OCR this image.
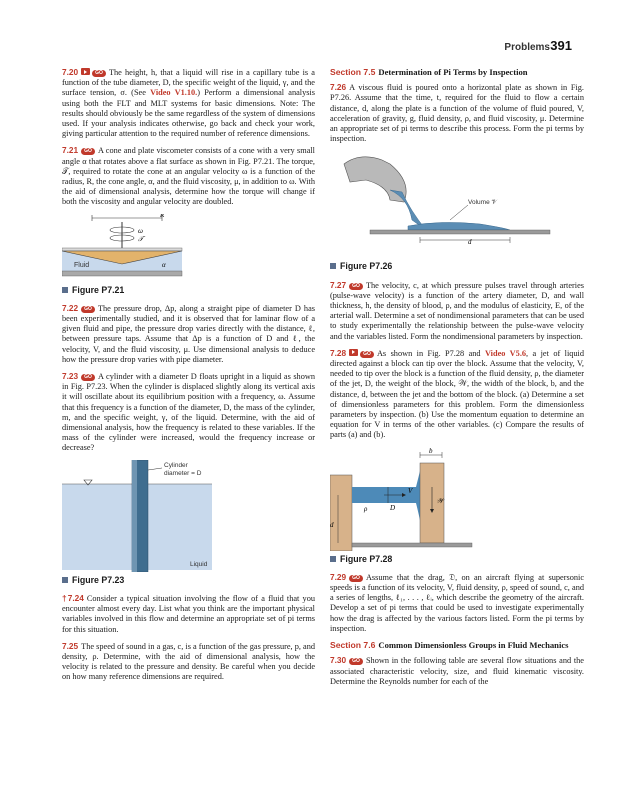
Problems 391
7.20	GO The height, h, that a liquid will rise in a capillary tube is a function of the tube diameter, D, the specific weight of the liquid, γ, and the surface tension, σ. (See Video V1.10.) Perform a dimensional analysis using both the FLT and MLT systems for basic dimensions. Note: The results should obviously be the same regardless of the system of dimensions used. If your analysis indicates otherwise, go back and check your work, giving particular attention to the required number of reference dimensions.
7.21 GO A cone and plate viscometer consists of a cone with a very small angle α that rotates above a flat surface as shown in Fig. P7.21. The torque, 𝒯, required to rotate the cone at an angular velocity ω is a function of the radius, R, the cone angle, α, and the fluid viscosity, μ, in addition to ω. With the aid of dimensional analysis, determine how the torque will change if both the viscosity and angular velocity are doubled.
R
ω
𝒯
Fluid	α
Figure P7.21
7.22 GO The pressure drop, Δp, along a straight pipe of diameter D has been experimentally studied, and it is observed that for laminar flow of a given fluid and pipe, the pressure drop varies directly with the distance, ℓ, between pressure taps. Assume that Δp is a function of D and ℓ, the velocity, V, and the fluid viscosity, μ. Use dimensional analysis to deduce how the pressure drop varies with pipe diameter.
7.23 GO A cylinder with a diameter D floats upright in a liquid as shown in Fig. P7.23. When the cylinder is displaced slightly along its vertical axis it will oscillate about its equilibrium position with a frequency, ω. Assume that this frequency is a function of the diameter, D, the mass of the cylinder, m, and the specific weight, γ, of the liquid. Determine, with the aid of dimensional analysis, how the frequency is related to these variables. If the mass of the cylinder were increased, would the frequency increase or decrease?
Cylinder
diameter = D
Liquid
Figure P7.23
†7.24 Consider a typical situation involving the flow of a fluid that you encounter almost every day. List what you think are the important physical variables involved in this flow and determine an appropriate set of pi terms for this situation.
7.25 The speed of sound in a gas, c, is a function of the gas pressure, p, and density, ρ. Determine, with the aid of dimensional analysis, how the velocity is related to the pressure and density. Be careful when you decide on how many reference dimensions are required.
Section 7.5 Determination of Pi Terms by Inspection
7.26 A viscous fluid is poured onto a horizontal plate as shown in Fig. P7.26. Assume that the time, t, required for the fluid to flow a certain distance, d, along the plate is a function of the volume of fluid poured, V, acceleration of gravity, g, fluid density, ρ, and fluid viscosity, μ. Determine an appropriate set of pi terms to describe this process. Form the pi terms by inspection.
Volume 𝒱
d
Figure P7.26
7.27 GO The velocity, c, at which pressure pulses travel through arteries (pulse-wave velocity) is a function of the artery diameter, D, and wall thickness, h, the density of blood, ρ, and the modulus of elasticity, E, of the arterial wall. Determine a set of nondimensional parameters that can be used to study experimentally the relationship between the pulse-wave velocity and the variables listed. Form the nondimensional parameters by inspection.
7.28	GO As shown in Fig. P7.28 and Video V5.6, a jet of liquid directed against a block can tip over the block. Assume that the velocity, V, needed to tip over the block is a function of the fluid density, ρ, the diameter of the jet, D, the weight of the block, 𝒲, the width of the block, b, and the distance, d, between the jet and the bottom of the block. (a) Determine a set of dimensionless parameters for this problem. Form the dimensionless parameters by inspection. (b) Use the momentum equation to determine an equation for V in terms of the other variables. (c) Compare the results of parts (a) and (b).
b
V
D
ρ
𝒲
d
Figure P7.28
7.29 GO Assume that the drag, 𝔇, on an aircraft flying at supersonic speeds is a function of its velocity, V, fluid density, ρ, speed of sound, c, and a series of lengths, ℓ₁, . . . , ℓᵢ, which describe the geometry of the aircraft. Develop a set of pi terms that could be used to investigate experimentally how the drag is affected by the various factors listed. Form the pi terms by inspection.
Section 7.6 Common Dimensionless Groups in Fluid Mechanics
7.30 GO Shown in the following table are several flow situations and the associated characteristic velocity, size, and fluid kinematic viscosity. Determine the Reynolds number for each of the
